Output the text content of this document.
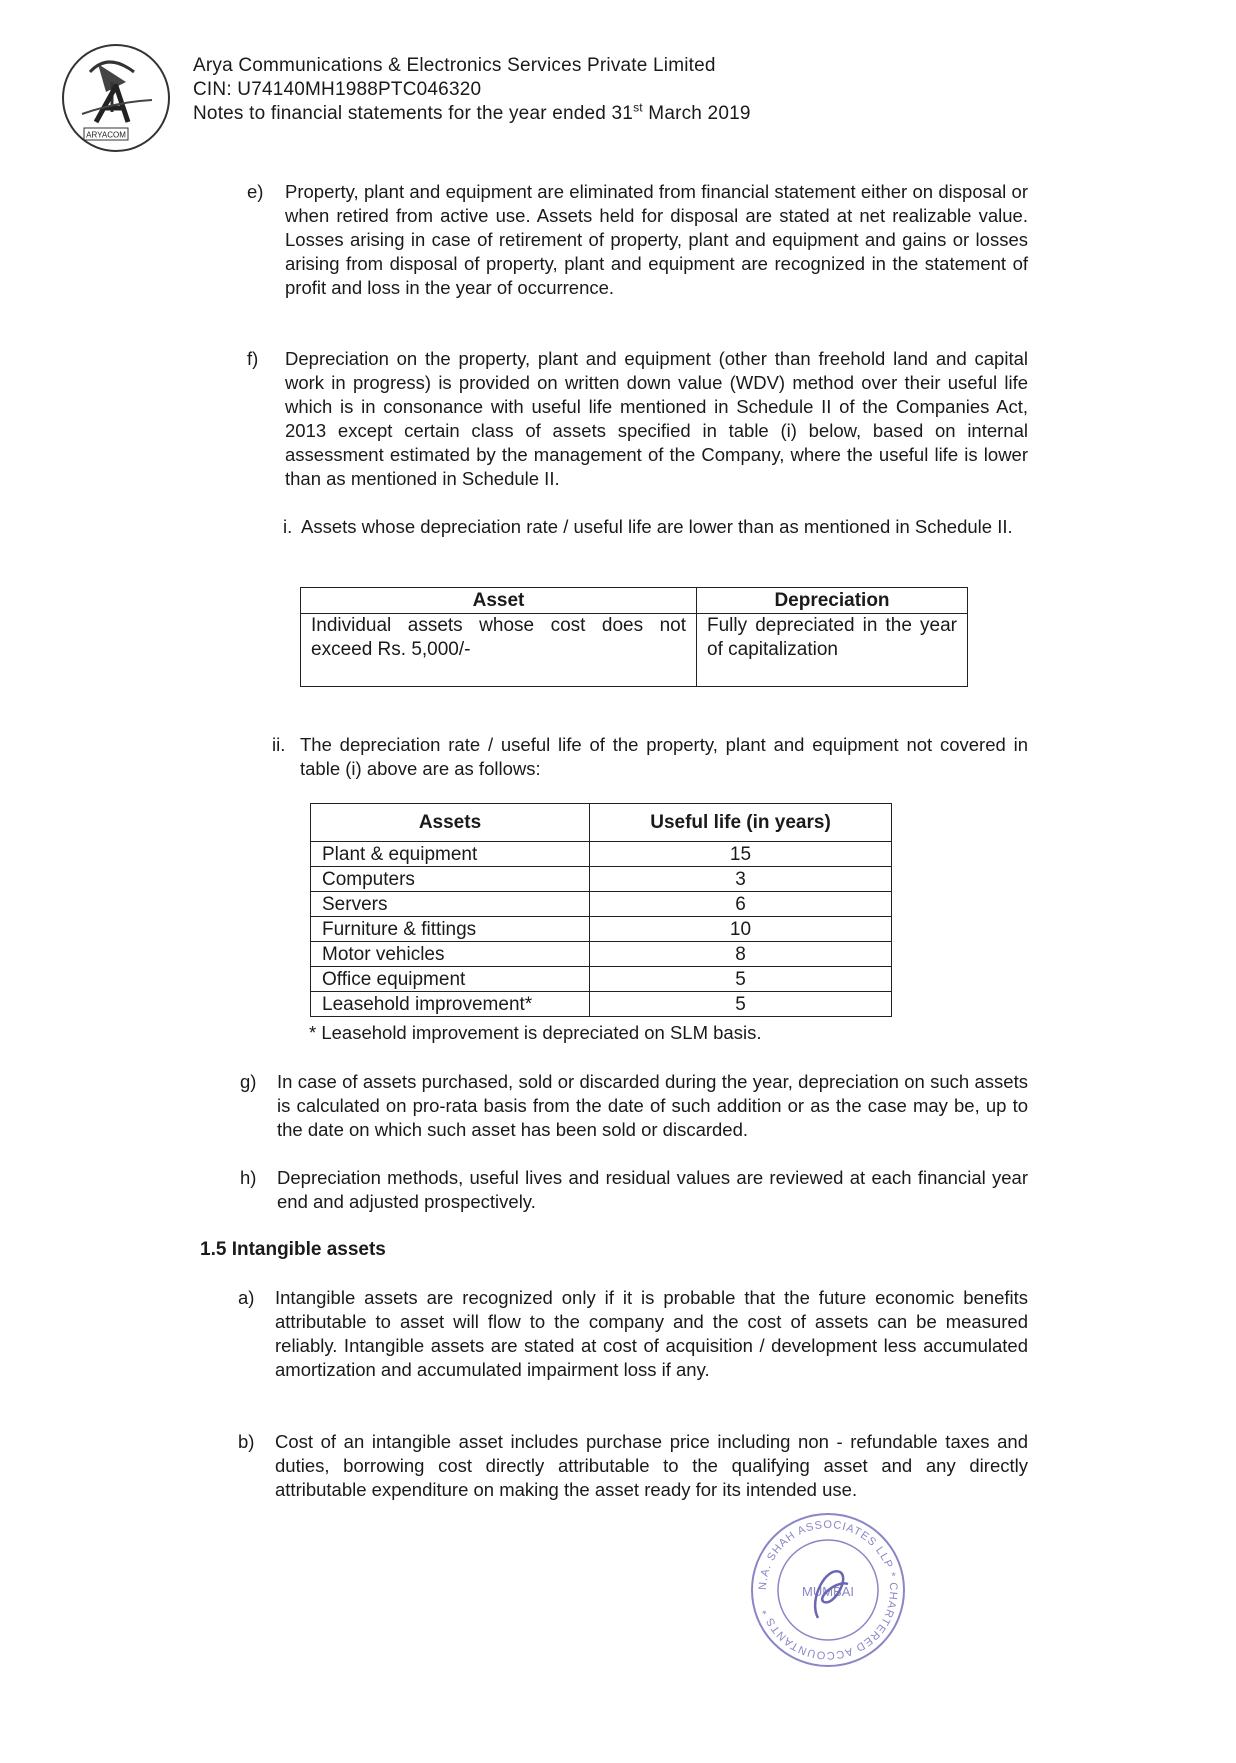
ARYACOM
Arya Communications & Electronics Services Private Limited
CIN: U74140MH1988PTC046320
Notes to financial statements for the year ended 31st March 2019
e) Property, plant and equipment are eliminated from financial statement either on disposal or when retired from active use. Assets held for disposal are stated at net realizable value. Losses arising in case of retirement of property, plant and equipment and gains or losses arising from disposal of property, plant and equipment are recognized in the statement of profit and loss in the year of occurrence.
f) Depreciation on the property, plant and equipment (other than freehold land and capital work in progress) is provided on written down value (WDV) method over their useful life which is in consonance with useful life mentioned in Schedule II of the Companies Act, 2013 except certain class of assets specified in table (i) below, based on internal assessment estimated by the management of the Company, where the useful life is lower than as mentioned in Schedule II.
i. Assets whose depreciation rate / useful life are lower than as mentioned in Schedule II.
Asset	Depreciation
Individual assets whose cost does not exceed Rs. 5,000/-	Fully depreciated in the year of capitalization
ii. The depreciation rate / useful life of the property, plant and equipment not covered in table (i) above are as follows:
Assets	Useful life (in years)
Plant & equipment	15
Computers	3
Servers	6
Furniture & fittings	10
Motor vehicles	8
Office equipment	5
Leasehold improvement*	5
* Leasehold improvement is depreciated on SLM basis.
g) In case of assets purchased, sold or discarded during the year, depreciation on such assets is calculated on pro-rata basis from the date of such addition or as the case may be, up to the date on which such asset has been sold or discarded.
h) Depreciation methods, useful lives and residual values are reviewed at each financial year end and adjusted prospectively.
1.5 Intangible assets
a) Intangible assets are recognized only if it is probable that the future economic benefits attributable to asset will flow to the company and the cost of assets can be measured reliably. Intangible assets are stated at cost of acquisition / development less accumulated amortization and accumulated impairment loss if any.
b) Cost of an intangible asset includes purchase price including non - refundable taxes and duties, borrowing cost directly attributable to the qualifying asset and any directly attributable expenditure on making the asset ready for its intended use.
N.A. SHAH ASSOCIATES LLP * CHARTERED ACCOUNTANTS *
MUMBAI
